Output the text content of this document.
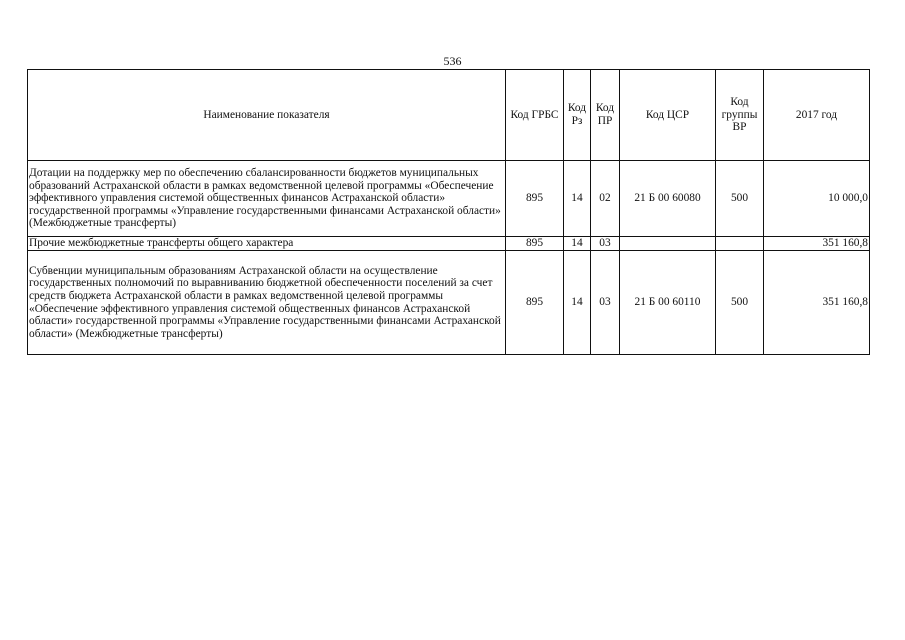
536
Наименование показателя	Код ГРБС	Код Рз	Код ПР	Код ЦСР	Код группы ВР	2017 год
Дотации на поддержку мер по обеспечению сбалансированности бюджетов муниципальных образований Астраханской области в рамках ведомственной целевой программы «Обеспечение эффективного управления системой общественных финансов Астраханской области» государственной программы «Управление государственными финансами Астраханской области» (Межбюджетные трансферты)	895	14	02	21 Б 00 60080	500	10 000,0
Прочие межбюджетные трансферты общего характера	895	14	03			351 160,8
Субвенции муниципальным образованиям Астраханской области на осуществление государственных полномочий по выравниванию бюджетной обеспеченности поселений за счет средств бюджета Астраханской области в рамках ведомственной целевой программы «Обеспечение эффективного управления системой общественных финансов Астраханской области» государственной программы «Управление государственными финансами Астраханской области» (Межбюджетные трансферты)	895	14	03	21 Б 00 60110	500	351 160,8
